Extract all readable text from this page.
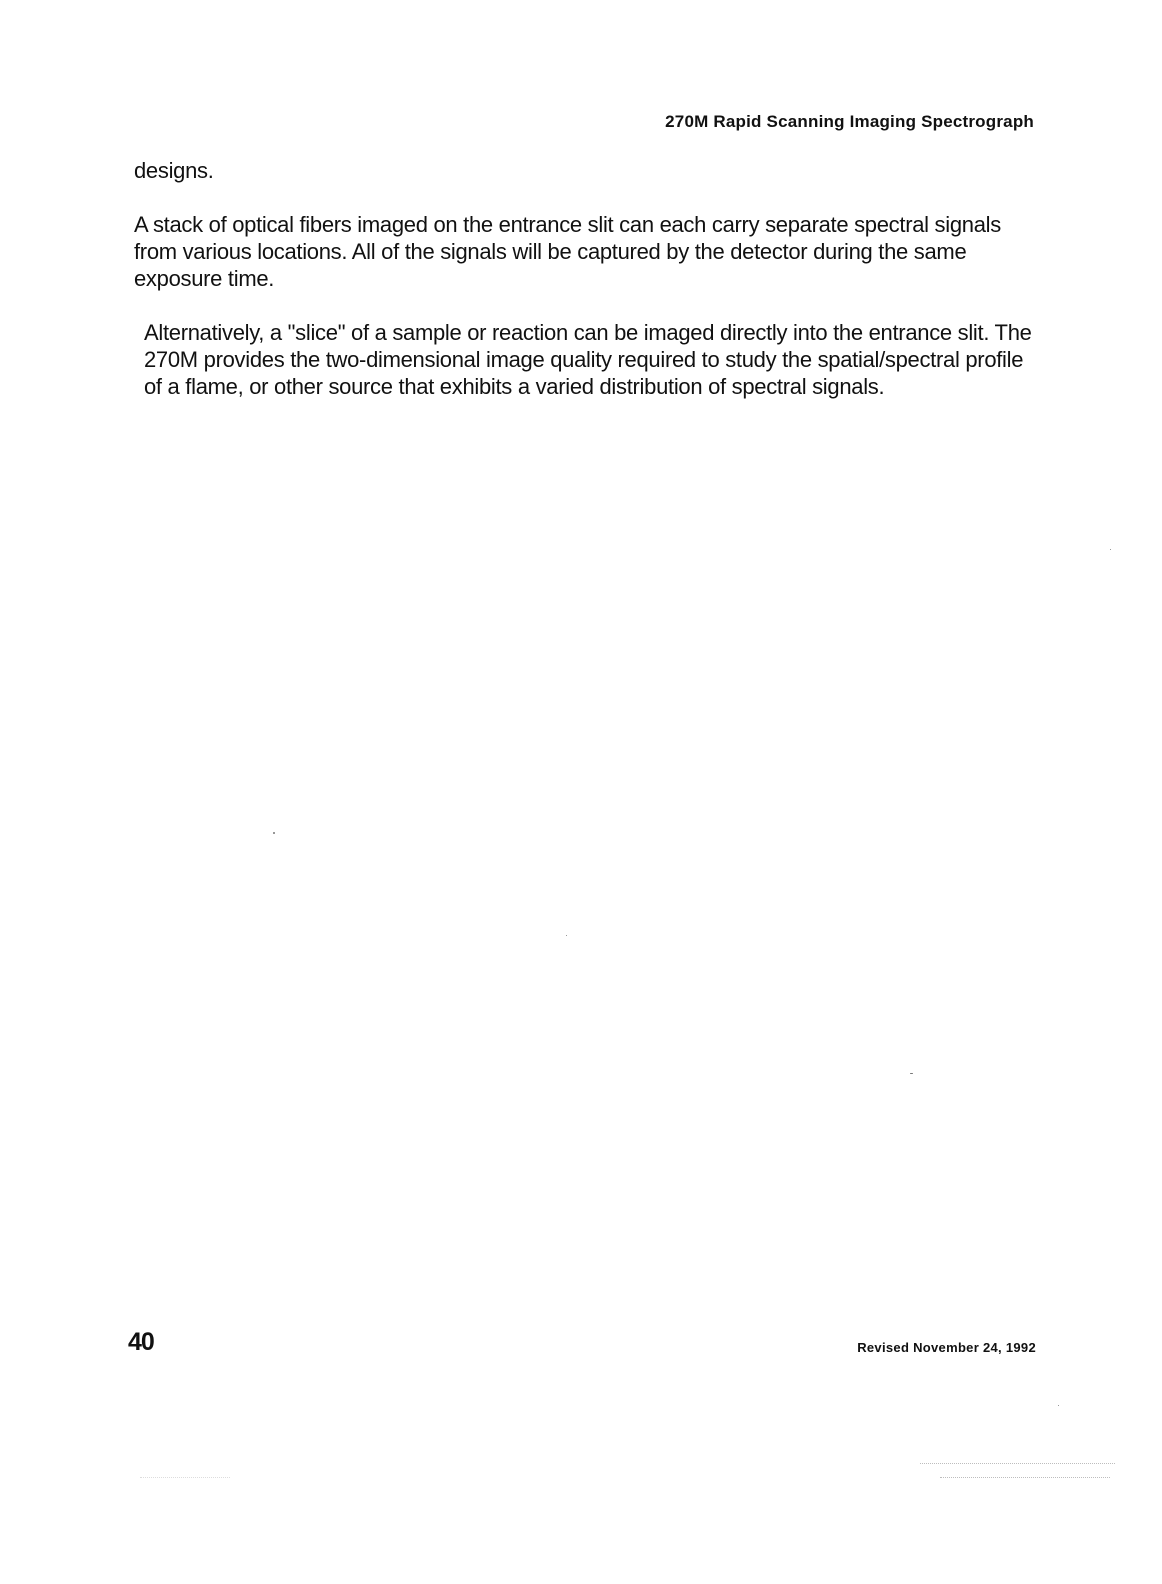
270M Rapid Scanning Imaging Spectrograph

designs.

A stack of optical fibers imaged on the entrance slit can each carry separate spectral signals from various locations. All of the signals will be captured by the detector during the same exposure time.

Alternatively, a "slice" of a sample or reaction can be imaged directly into the entrance slit. The 270M provides the two-dimensional image quality required to study the spatial/spectral profile of a flame, or other source that exhibits a varied distribution of spectral signals.

40	Revised November 24, 1992
